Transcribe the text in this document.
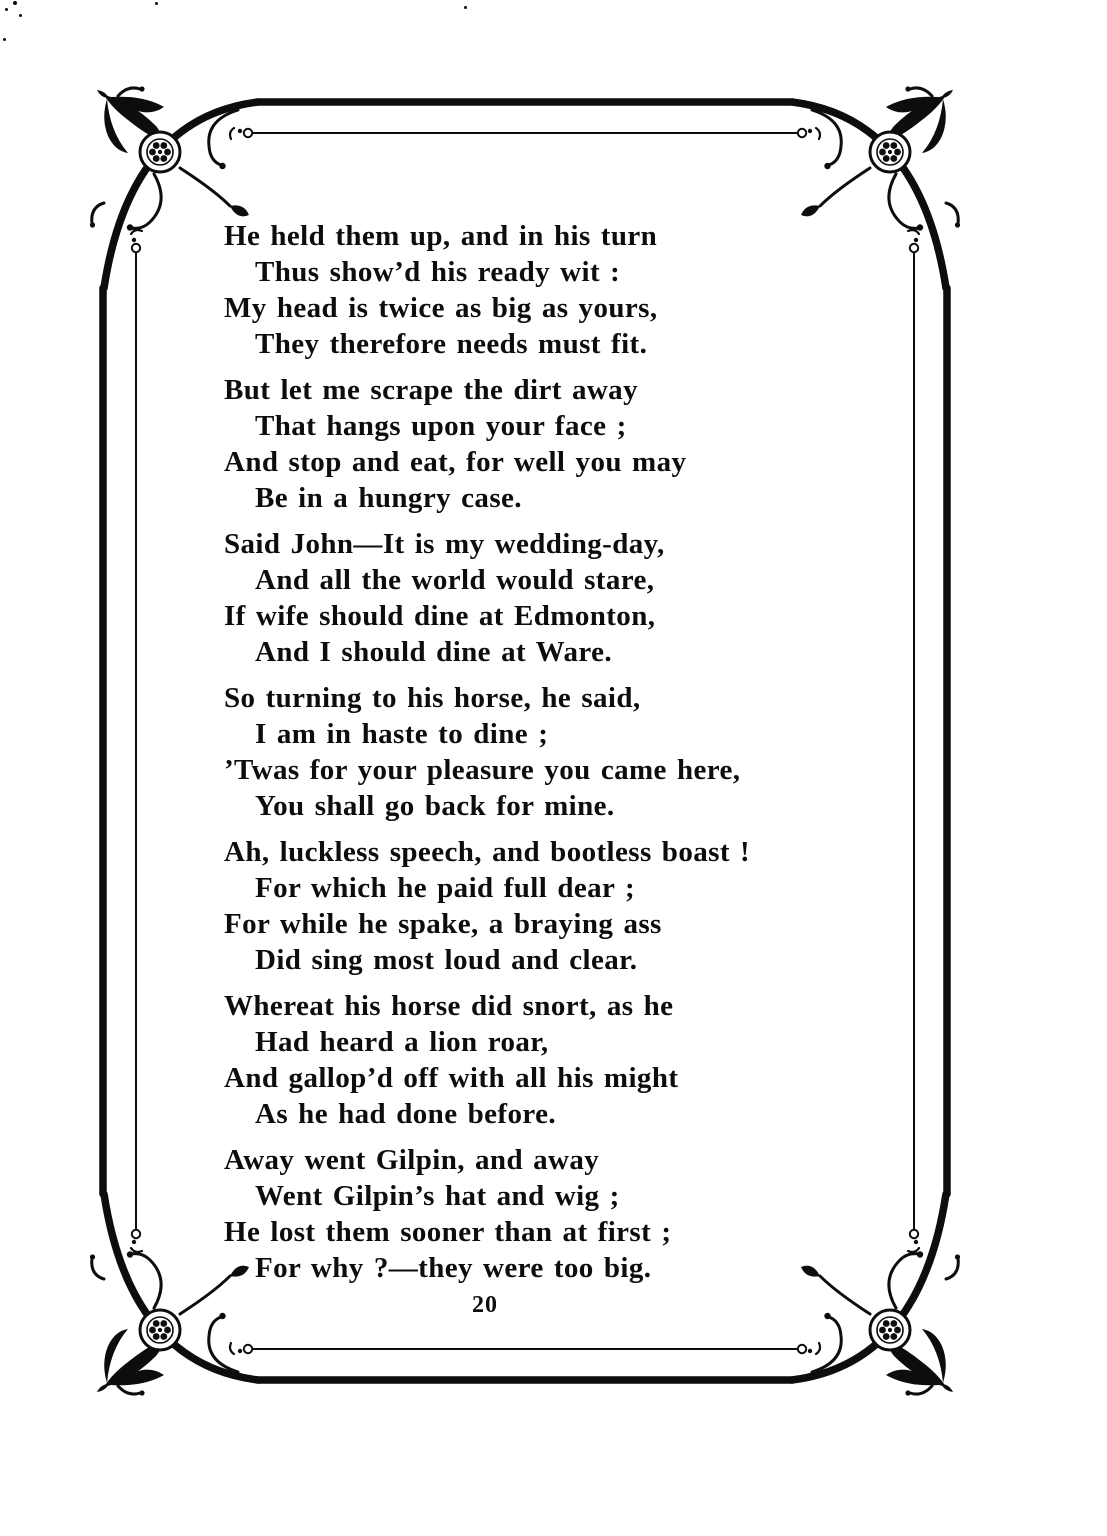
He held them up, and in his turn
Thus show’d his ready wit :
My head is twice as big as yours,
They therefore needs must fit.
But let me scrape the dirt away
That hangs upon your face ;
And stop and eat, for well you may
Be in a hungry case.
Said John—It is my wedding-day,
And all the world would stare,
If wife should dine at Edmonton,
And I should dine at Ware.
So turning to his horse, he said,
I am in haste to dine ;
’Twas for your pleasure you came here,
You shall go back for mine.
Ah, luckless speech, and bootless boast !
For which he paid full dear ;
For while he spake, a braying ass
Did sing most loud and clear.
Whereat his horse did snort, as he
Had heard a lion roar,
And gallop’d off with all his might
As he had done before.
Away went Gilpin, and away
Went Gilpin’s hat and wig ;
He lost them sooner than at first ;
For why ?—they were too big.
20
